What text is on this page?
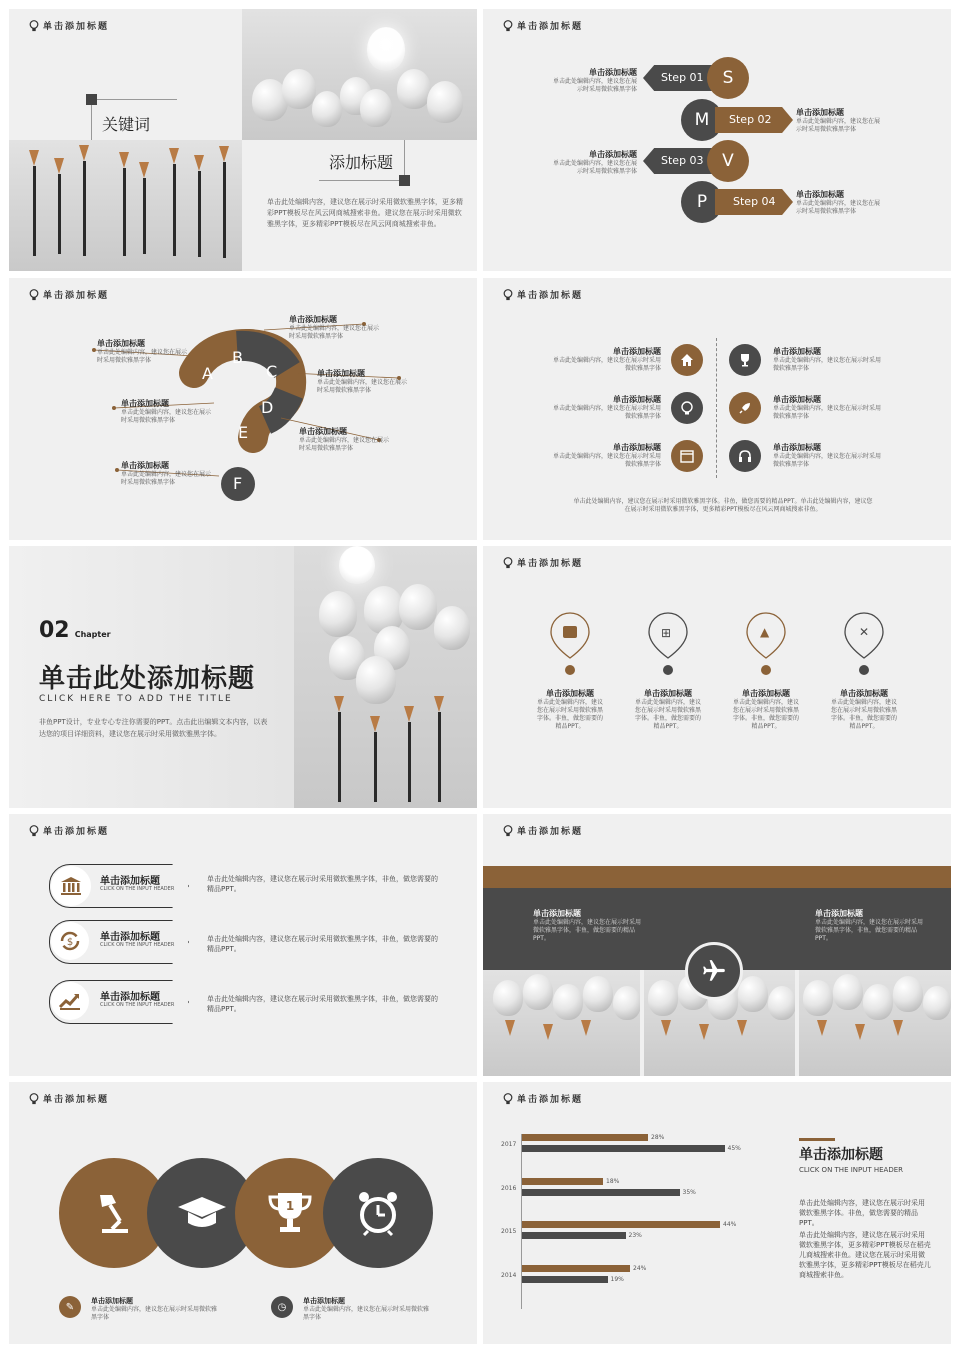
单击添加标题
关键词
添加标题
单击此处编辑内容，建议您在展示时采用微软雅黑字体，更多精彩PPT模板尽在风云网商城搜索非鱼。建议您在展示时采用微软雅黑字体，更多精彩PPT模板尽在风云网商城搜索非鱼。
单击添加标题
单击添加标题
单击此处编辑内容，建议您在展示时采用微软雅黑字体
Step 01	S
M	Step 02
单击添加标题
单击此处编辑内容，建议您在展示时采用微软雅黑字体
单击添加标题
单击此处编辑内容，建议您在展示时采用微软雅黑字体
Step 03	V
P	Step 04
单击添加标题
单击此处编辑内容，建议您在展示时采用微软雅黑字体
单击添加标题
A
B
C
D
E
F
单击添加标题
单击此处编辑内容，建议您在展示时采用微软雅黑字体
单击添加标题
单击此处编辑内容，建议您在展示时采用微软雅黑字体
单击添加标题
单击此处编辑内容，建议您在展示时采用微软雅黑字体
单击添加标题
单击此处编辑内容，建议您在展示时采用微软雅黑字体
单击添加标题
单击此处编辑内容，建议您在展示时采用微软雅黑字体
单击添加标题
单击此处编辑内容，建议您在展示时采用微软雅黑字体
单击添加标题
单击添加标题
单击此处编辑内容，建议您在展示时采用微软雅黑字体
单击添加标题
单击此处编辑内容，建议您在展示时采用微软雅黑字体
单击添加标题
单击此处编辑内容，建议您在展示时采用微软雅黑字体
单击添加标题
单击此处编辑内容，建议您在展示时采用微软雅黑字体
单击添加标题
单击此处编辑内容，建议您在展示时采用微软雅黑字体
单击添加标题
单击此处编辑内容，建议您在展示时采用微软雅黑字体
单击此处编辑内容，建议您在展示时采用微软雅黑字体。非鱼，做您需要的精品PPT。单击此处编辑内容，建议您在展示时采用微软雅黑字体，更多精彩PPT模板尽在风云网商城搜索非鱼。
02 Chapter
单击此处添加标题
CLICK HERE TO ADD THE TITLE
非鱼PPT设计，专业专心专注你需要的PPT。点击此出编辑文本内容，以表达您的项目详细资料，建议您在展示时采用微软雅黑字体。
单击添加标题
⊞	▲	✕
单击添加标题
单击此处编辑内容，建议您在展示时采用微软雅黑字体。非鱼，做您需要的精品PPT。
单击添加标题
单击此处编辑内容，建议您在展示时采用微软雅黑字体。非鱼，做您需要的精品PPT。
单击添加标题
单击此处编辑内容，建议您在展示时采用微软雅黑字体。非鱼，做您需要的精品PPT。
单击添加标题
单击此处编辑内容，建议您在展示时采用微软雅黑字体。非鱼，做您需要的精品PPT。
单击添加标题
单击添加标题
CLICK ON THE INPUT HEADER
单击此处编辑内容，建议您在展示时采用微软雅黑字体，非鱼，做您需要的精品PPT。
$	单击添加标题
CLICK ON THE INPUT HEADER
单击此处编辑内容，建议您在展示时采用微软雅黑字体，非鱼，做您需要的精品PPT。
单击添加标题
CLICK ON THE INPUT HEADER
单击此处编辑内容，建议您在展示时采用微软雅黑字体，非鱼，做您需要的精品PPT。
单击添加标题
单击添加标题
单击此处编辑内容，建议您在展示时采用微软雅黑字体，非鱼，做您需要的精品PPT。
单击添加标题
单击此处编辑内容，建议您在展示时采用微软雅黑字体，非鱼，做您需要的精品PPT。
单击添加标题
1
✎
单击添加标题
单击此处编辑内容，建议您在展示时采用微软雅黑字体
◷
单击添加标题
单击此处编辑内容，建议您在展示时采用微软雅黑字体
单击添加标题
2017
28%
45%
2016
18%
35%
2015
44%
23%
2014
24%
19%
单击添加标题
CLICK ON THE INPUT HEADER
单击此处编辑内容，建议您在展示时采用微软雅黑字体。非鱼，做您需要的精品PPT。
单击此处编辑内容，建议您在展示时采用微软雅黑字体，更多精彩PPT模板尽在稻壳儿商城搜索非鱼。建议您在展示时采用微软雅黑字体，更多精彩PPT模板尽在稻壳儿商城搜索非鱼。
